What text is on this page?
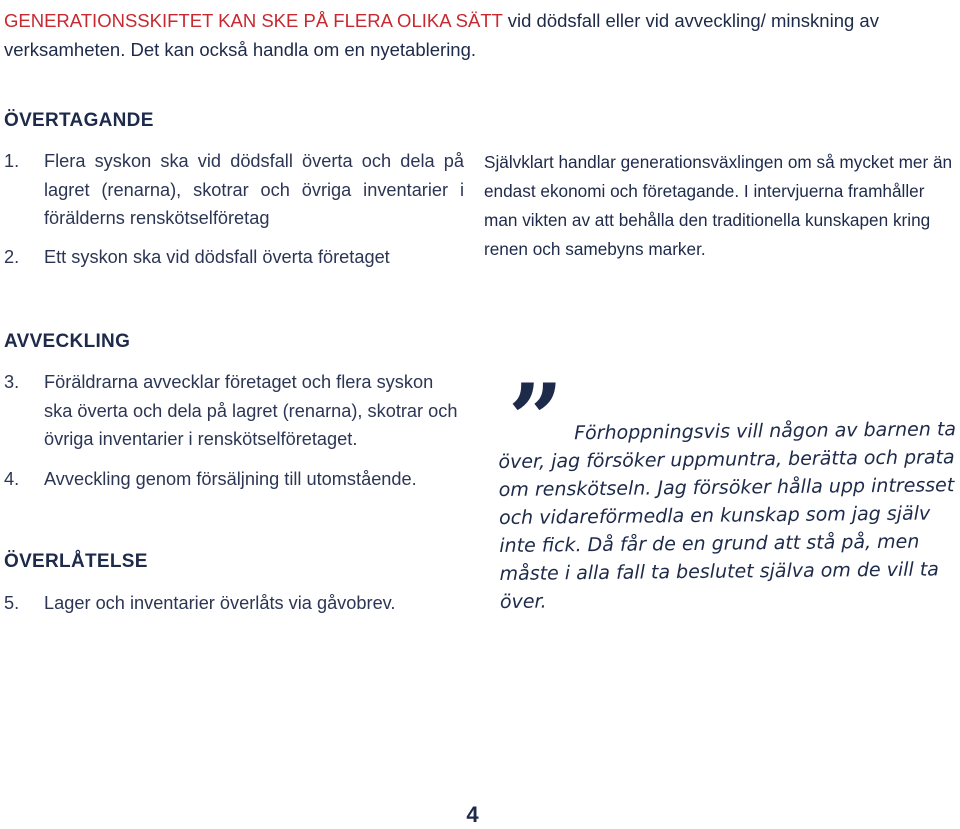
GENERATIONSSKIFTET KAN SKE PÅ FLERA OLIKA SÄTT vid dödsfall eller vid avveckling/ minskning av verksamheten. Det kan också handla om en nyetablering.
ÖVERTAGANDE
1. Flera syskon ska vid dödsfall överta och dela på lagret (renarna), skotrar och övriga inventarier i förälderns renskötselföretag
2. Ett syskon ska vid dödsfall överta företaget
Självklart handlar generationsväxlingen om så mycket mer än endast ekonomi och företagande. I intervjuerna framhåller man vikten av att behålla den traditionella kunskapen kring renen och samebyns marker.
AVVECKLING
3. Föräldrarna avvecklar företaget och flera syskon ska överta och dela på lagret (renarna), skotrar och övriga inventarier i renskötselföretaget.
4. Avveckling genom försäljning till utomstående.
ÖVERLÅTELSE
5. Lager och inventarier överlåts via gåvobrev.
” Förhoppningsvis vill någon av barnen ta över, jag försöker uppmuntra, berätta och prata om renskötseln. Jag försöker hålla upp intresset och vidareförmedla en kunskap som jag själv inte fick. Då får de en grund att stå på, men måste i alla fall ta beslutet själva om de vill ta över.
4
